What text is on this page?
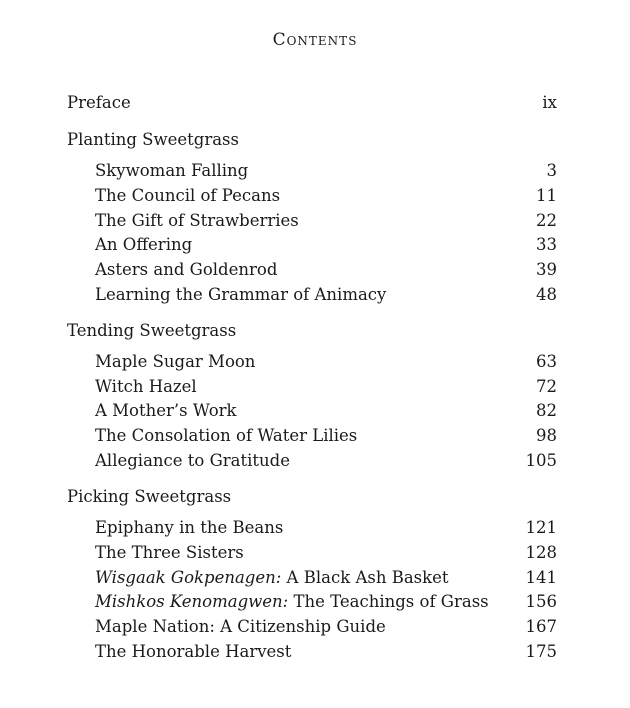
Contents
Preface	ix
Planting Sweetgrass
Skywoman Falling	3
The Council of Pecans	11
The Gift of Strawberries	22
An Offering	33
Asters and Goldenrod	39
Learning the Grammar of Animacy	48
Tending Sweetgrass
Maple Sugar Moon	63
Witch Hazel	72
A Mother’s Work	82
The Consolation of Water Lilies	98
Allegiance to Gratitude	105
Picking Sweetgrass
Epiphany in the Beans	121
The Three Sisters	128
Wisgaak Gokpenagen: A Black Ash Basket	141
Mishkos Kenomagwen: The Teachings of Grass 156
Maple Nation: A Citizenship Guide	167
The Honorable Harvest	175
